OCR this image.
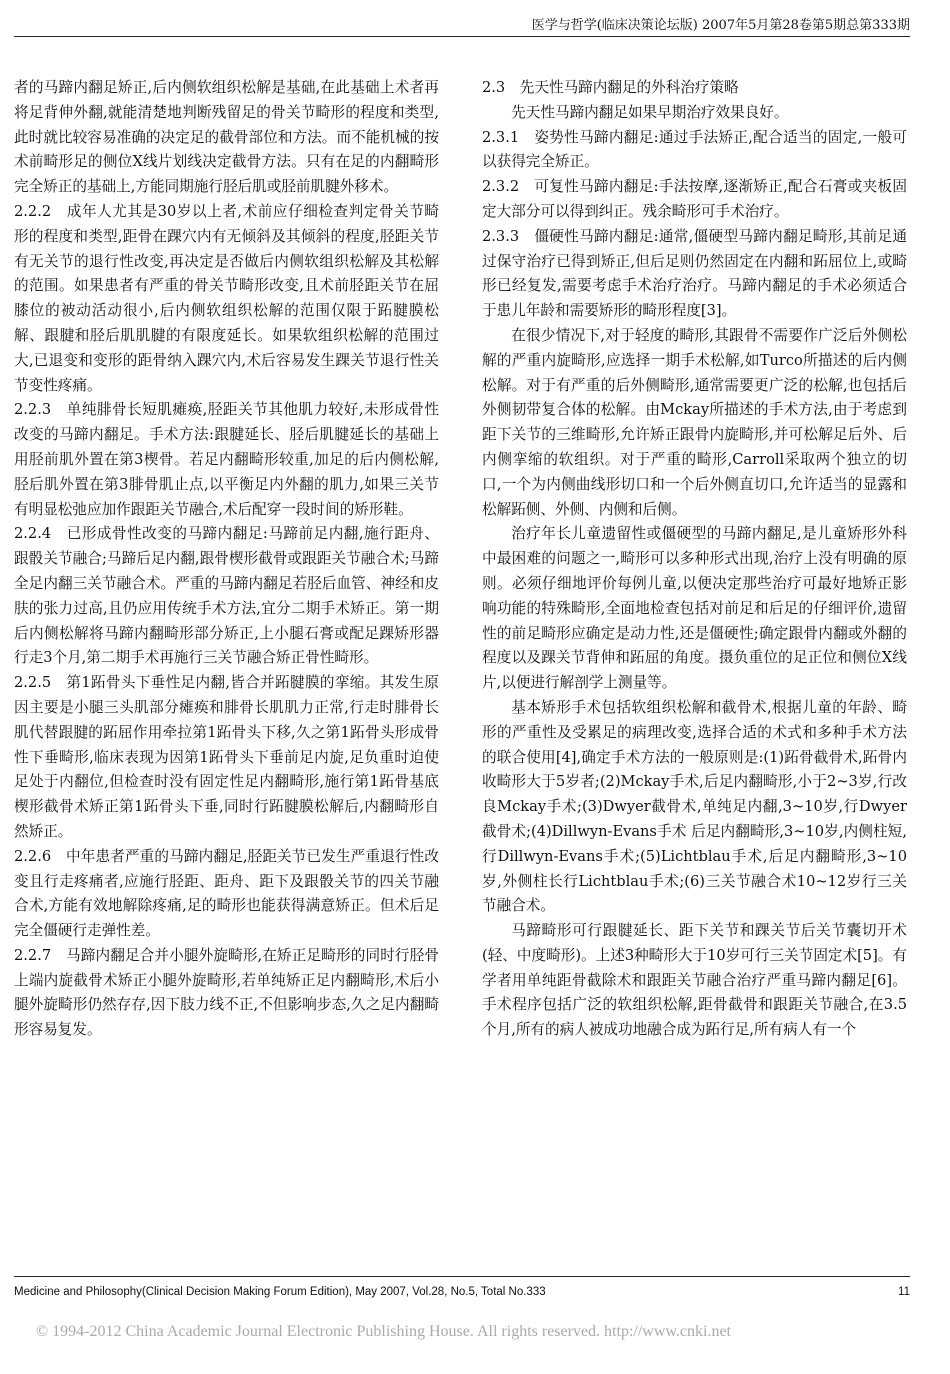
医学与哲学(临床决策论坛版) 2007年5月第28卷第5期总第333期

者的马蹄内翻足矫正,后内侧软组织松解是基础,在此基础上术者再将足背伸外翻,就能清楚地判断残留足的骨关节畸形的程度和类型,此时就比较容易准确的决定足的截骨部位和方法。而不能机械的按术前畸形足的侧位X线片划线决定截骨方法。只有在足的内翻畸形完全矫正的基础上,方能同期施行胫后肌或胫前肌腱外移术。

2.2.2　成年人尤其是30岁以上者,术前应仔细检查判定骨关节畸形的程度和类型,距骨在踝穴内有无倾斜及其倾斜的程度,胫距关节有无关节的退行性改变,再决定是否做后内侧软组织松解及其松解的范围。如果患者有严重的骨关节畸形改变,且术前胫距关节在屈膝位的被动活动很小,后内侧软组织松解的范围仅限于跖腱膜松解、跟腱和胫后肌肌腱的有限度延长。如果软组织松解的范围过大,已退变和变形的距骨纳入踝穴内,术后容易发生踝关节退行性关节变性疼痛。

2.2.3　单纯腓骨长短肌瘫痪,胫距关节其他肌力较好,未形成骨性改变的马蹄内翻足。手术方法:跟腱延长、胫后肌腱延长的基础上用胫前肌外置在第3楔骨。若足内翻畸形较重,加足的后内侧松解,胫后肌外置在第3腓骨肌止点,以平衡足内外翻的肌力,如果三关节有明显松弛应加作跟距关节融合,术后配穿一段时间的矫形鞋。

2.2.4　已形成骨性改变的马蹄内翻足:马蹄前足内翻,施行距舟、跟骰关节融合;马蹄后足内翻,跟骨楔形截骨或跟距关节融合术;马蹄全足内翻三关节融合术。严重的马蹄内翻足若胫后血管、神经和皮肤的张力过高,且仍应用传统手术方法,宜分二期手术矫正。第一期后内侧松解将马蹄内翻畸形部分矫正,上小腿石膏或配足踝矫形器行走3个月,第二期手术再施行三关节融合矫正骨性畸形。

2.2.5　第1跖骨头下垂性足内翻,皆合并跖腱膜的挛缩。其发生原因主要是小腿三头肌部分瘫痪和腓骨长肌肌力正常,行走时腓骨长肌代替跟腱的跖屈作用牵拉第1跖骨头下移,久之第1跖骨头形成骨性下垂畸形,临床表现为因第1跖骨头下垂前足内旋,足负重时迫使足处于内翻位,但检查时没有固定性足内翻畸形,施行第1跖骨基底楔形截骨术矫正第1跖骨头下垂,同时行跖腱膜松解后,内翻畸形自然矫正。

2.2.6　中年患者严重的马蹄内翻足,胫距关节已发生严重退行性改变且行走疼痛者,应施行胫距、距舟、距下及跟骰关节的四关节融合术,方能有效地解除疼痛,足的畸形也能获得满意矫正。但术后足完全僵硬行走弹性差。

2.2.7　马蹄内翻足合并小腿外旋畸形,在矫正足畸形的同时行胫骨上端内旋截骨术矫正小腿外旋畸形,若单纯矫正足内翻畸形,术后小腿外旋畸形仍然存存,因下肢力线不正,不但影响步态,久之足内翻畸形容易复发。

2.3　先天性马蹄内翻足的外科治疗策略

先天性马蹄内翻足如果早期治疗效果良好。

2.3.1　姿势性马蹄内翻足:通过手法矫正,配合适当的固定,一般可以获得完全矫正。

2.3.2　可复性马蹄内翻足:手法按摩,逐渐矫正,配合石膏或夹板固定大部分可以得到纠正。残余畸形可手术治疗。

2.3.3　僵硬性马蹄内翻足:通常,僵硬型马蹄内翻足畸形,其前足通过保守治疗已得到矫正,但后足则仍然固定在内翻和跖屈位上,或畸形已经复发,需要考虑手术治疗治疗。马蹄内翻足的手术必须适合于患儿年龄和需要矫形的畸形程度[3]。

在很少情况下,对于轻度的畸形,其跟骨不需要作广泛后外侧松解的严重内旋畸形,应选择一期手术松解,如Turco所描述的后内侧松解。对于有严重的后外侧畸形,通常需要更广泛的松解,也包括后外侧韧带复合体的松解。由Mckay所描述的手术方法,由于考虑到距下关节的三维畸形,允许矫正跟骨内旋畸形,并可松解足后外、后内侧挛缩的软组织。对于严重的畸形,Carroll采取两个独立的切口,一个为内侧曲线形切口和一个后外侧直切口,允许适当的显露和松解跖侧、外侧、内侧和后侧。

治疗年长儿童遗留性或僵硬型的马蹄内翻足,是儿童矫形外科中最困难的问题之一,畸形可以多种形式出现,治疗上没有明确的原则。必须仔细地评价每例儿童,以便决定那些治疗可最好地矫正影响功能的特殊畸形,全面地检查包括对前足和后足的仔细评价,遗留性的前足畸形应确定是动力性,还是僵硬性;确定跟骨内翻或外翻的程度以及踝关节背伸和跖屈的角度。摄负重位的足正位和侧位X线片,以便进行解剖学上测量等。

基本矫形手术包括软组织松解和截骨术,根据儿童的年龄、畸形的严重性及受累足的病理改变,选择合适的术式和多种手术方法的联合使用[4],确定手术方法的一般原则是:(1)跖骨截骨术,跖骨内收畸形大于5岁者;(2)Mckay手术,后足内翻畸形,小于2~3岁,行改良Mckay手术;(3)Dwyer截骨术,单纯足内翻,3~10岁,行Dwyer截骨术;(4)Dillwyn-Evans手术 后足内翻畸形,3~10岁,内侧柱短,行Dillwyn-Evans手术;(5)Lichtblau手术,后足内翻畸形,3~10岁,外侧柱长行Lichtblau手术;(6)三关节融合术10~12岁行三关节融合术。

马蹄畸形可行跟腱延长、距下关节和踝关节后关节囊切开术(轻、中度畸形)。上述3种畸形大于10岁可行三关节固定术[5]。有学者用单纯距骨截除术和跟距关节融合治疗严重马蹄内翻足[6]。手术程序包括广泛的软组织松解,距骨截骨和跟距关节融合,在3.5个月,所有的病人被成功地融合成为跖行足,所有病人有一个

Medicine and Philosophy(Clinical Decision Making Forum Edition), May 2007, Vol.28, No.5, Total No.333	11
© 1994-2012 China Academic Journal Electronic Publishing House. All rights reserved. http://www.cnki.net
